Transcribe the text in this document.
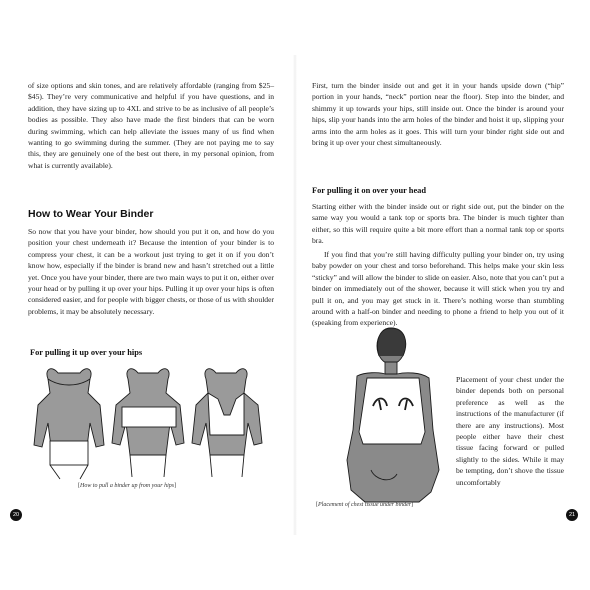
of size options and skin tones, and are relatively affordable (ranging from $25–$45). They’re very communicative and helpful if you have questions, and in addition, they have sizing up to 4XL and strive to be as inclusive of all people’s bodies as possible. They also have made the first binders that can be worn during swimming, which can help alleviate the issues many of us find when wanting to go swimming during the summer. (They are not paying me to say this, they are genuinely one of the best out there, in my personal opinion, from what is currently available).

How to Wear Your Binder

So now that you have your binder, how should you put it on, and how do you position your chest underneath it? Because the intention of your binder is to compress your chest, it can be a workout just trying to get it on if you don’t know how, especially if the binder is brand new and hasn’t stretched out a little yet. Once you have your binder, there are two main ways to put it on, either over your head or by pulling it up over your hips. Pulling it up over your hips is often considered easier, and for people with bigger chests, or those of us with shoulder problems, it may be absolutely necessary.

For pulling it up over your hips

[How to pull a binder up from your hips]

20

First, turn the binder inside out and get it in your hands upside down (“hip” portion in your hands, “neck” portion near the floor). Step into the binder, and shimmy it up towards your hips, still inside out. Once the binder is around your hips, slip your hands into the arm holes of the binder and hoist it up, slipping your arms into the arm holes as it goes. This will turn your binder right side out and bring it up over your chest simultaneously.

For pulling it on over your head

Starting either with the binder inside out or right side out, put the binder on the same way you would a tank top or sports bra. The binder is much tighter than either, so this will require quite a bit more effort than a normal tank top or sports bra.

If you find that you’re still having difficulty pulling your binder on, try using baby powder on your chest and torso beforehand. This helps make your skin less “sticky” and will allow the binder to slide on easier. Also, note that you can’t put a binder on immediately out of the shower, because it will stick when you try and pull it on, and you may get stuck in it. There’s nothing worse than stumbling around with a half-on binder and needing to phone a friend to help you out of it (speaking from experience).

Placement of your chest under the binder depends both on personal preference as well as the instructions of the manufacturer (if there are any instructions). Most people either have their chest tissue facing forward or pulled slightly to the sides. While it may be tempting, don’t shove the tissue uncomfortably

[Placement of chest tissue under binder]

21
